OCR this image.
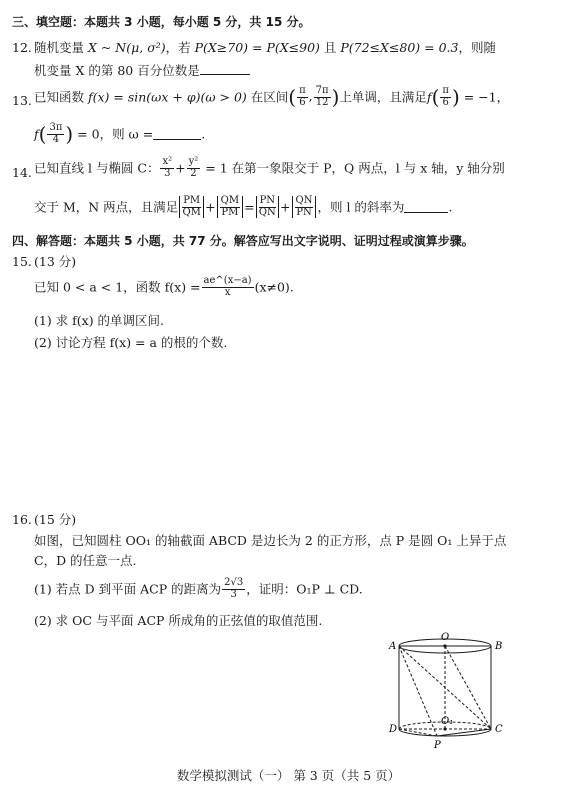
三、填空题：本题共 3 小题，每小题 5 分，共 15 分。
12. 随机变量 X ~ N(μ, σ²)，若 P(X≥70) = P(X≤90) 且 P(72≤X≤80) = 0.3，则随
机变量 X 的第 80 百分位数是
13. 已知函数 f(x) = sin(ωx + φ)(ω > 0) 在区间( $\frac{\pi}{6}$ , $\frac{7\pi}{12}$ )上单调，且满足$f( \frac{\pi}{6}$ ) = −1，
$f( \frac{3\pi}{4}$ ) = 0，则 ω =	.
14. 已知直线 l 与椭圆 C： $\frac{\text{x²}}{3} + \frac{\text{y²}}{2} = 1$ 在第一象限交于 P，Q 两点，l 与 x 轴，y 轴分别
交于 M，N 两点，且满足 $\frac{PM}{QM} + \frac{QM}{PM} = \frac{PN}{QN} + \frac{QN}{PN}$ ，则 l 的斜率为	.
四、解答题：本题共 5 小题，共 77 分。解答应写出文字说明、证明过程或演算步骤。
15. (13 分)
已知 0 < a < 1，函数 $f(x) = \frac{ae\^{}(x-a)}{x} (x\ne 0)$.
(1) 求 f(x) 的单调区间.
(2) 讨论方程 f(x) = a 的根的个数.
16. (15 分)
如图，已知圆柱 OO₁ 的轴截面 ABCD 是边长为 2 的正方形，点 P 是圆 O₁ 上异于点
C，D 的任意一点.
(1) 若点 D 到平面 ACP 的距离为 $\frac{2√3}{3}$ ，证明：O₁P ⊥ CD.
(2) 求 OC 与平面 ACP 所成角的正弦值的取值范围.
A
O
B
D
O₁
C
P
数学模拟测试（一） 第 3 页（共 5 页）
